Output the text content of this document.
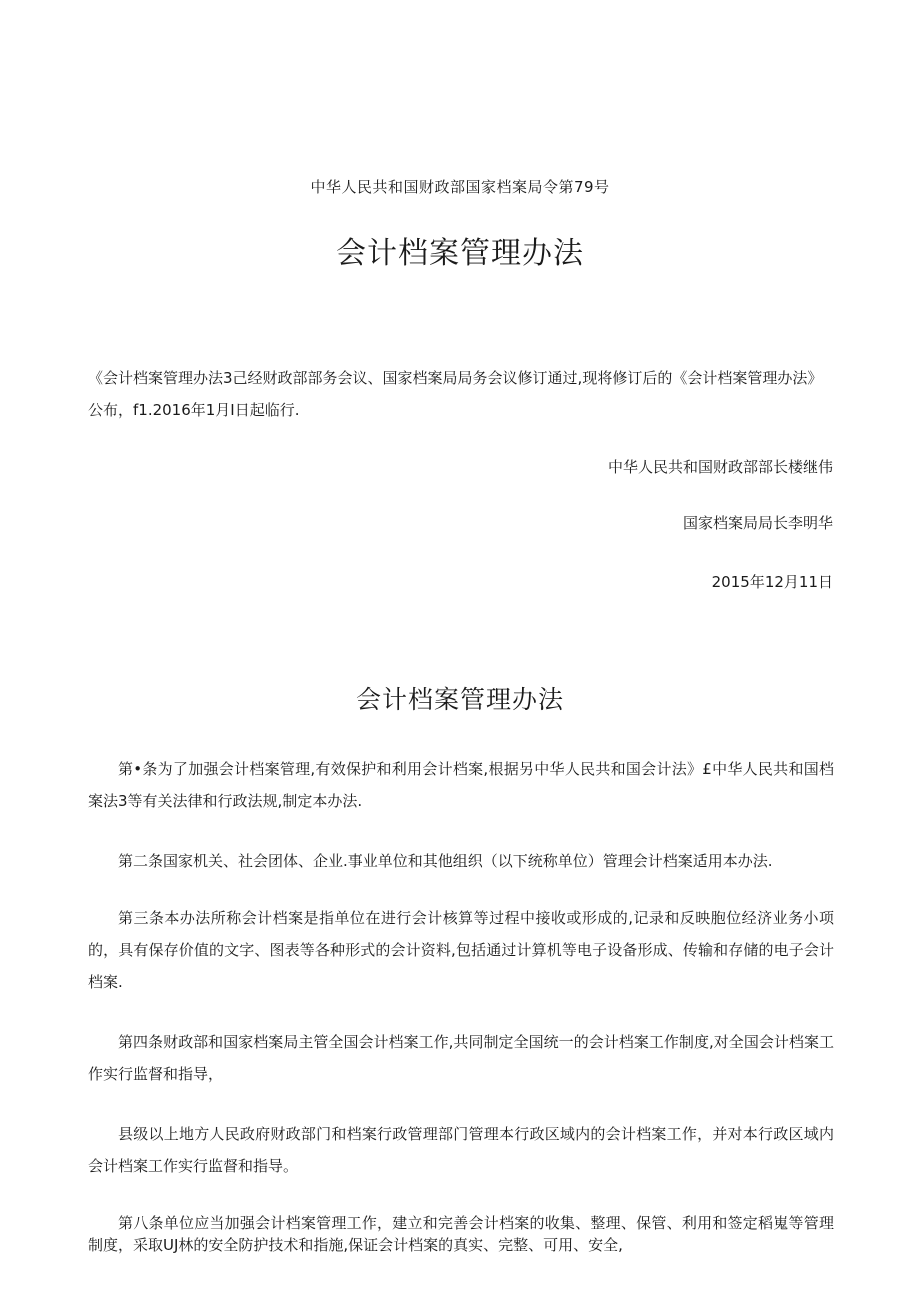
中华人民共和国财政部国家档案局令第79号
会计档案管理办法
《会计档案管理办法3己经财政部部务会议、国家档案局局务会议修订通过,现将修订后的《会计档案管理办法》公布，f1.2016年1月I日起临行.
中华人民共和国财政部部长楼继伟
国家档案局局长李明华
2015年12月11日
会计档案管理办法
第•条为了加强会计档案管理,有效保护和利用会计档案,根据另中华人民共和国会计法》£中华人民共和国档案法3等有关法律和行政法规,制定本办法.
第二条国家机关、社会团体、企业.事业单位和其他组织（以下统称单位）管理会计档案适用本办法.
第三条本办法所称会计档案是指单位在进行会计核算等过程中接收或形成的,记录和反映胞位经济业务小项的，具有保存价值的文字、图表等各种形式的会计资料,包括通过计算机等电子设备形成、传输和存储的电子会计档案.
第四条财政部和国家档案局主管全国会计档案工作,共同制定全国统一的会计档案工作制度,对全国会计档案工作实行监督和指导，
县级以上地方人民政府财政部门和档案行政管理部门管理本行政区域内的会计档案工作，并对本行政区域内会计档案工作实行监督和指导。
第八条单位应当加强会计档案管理工作，建立和完善会计档案的收集、整理、保管、利用和签定稻嵬等管理制度，采取UJ林的安全防护技术和指施,保证会计档案的真实、完整、可用、安全,
